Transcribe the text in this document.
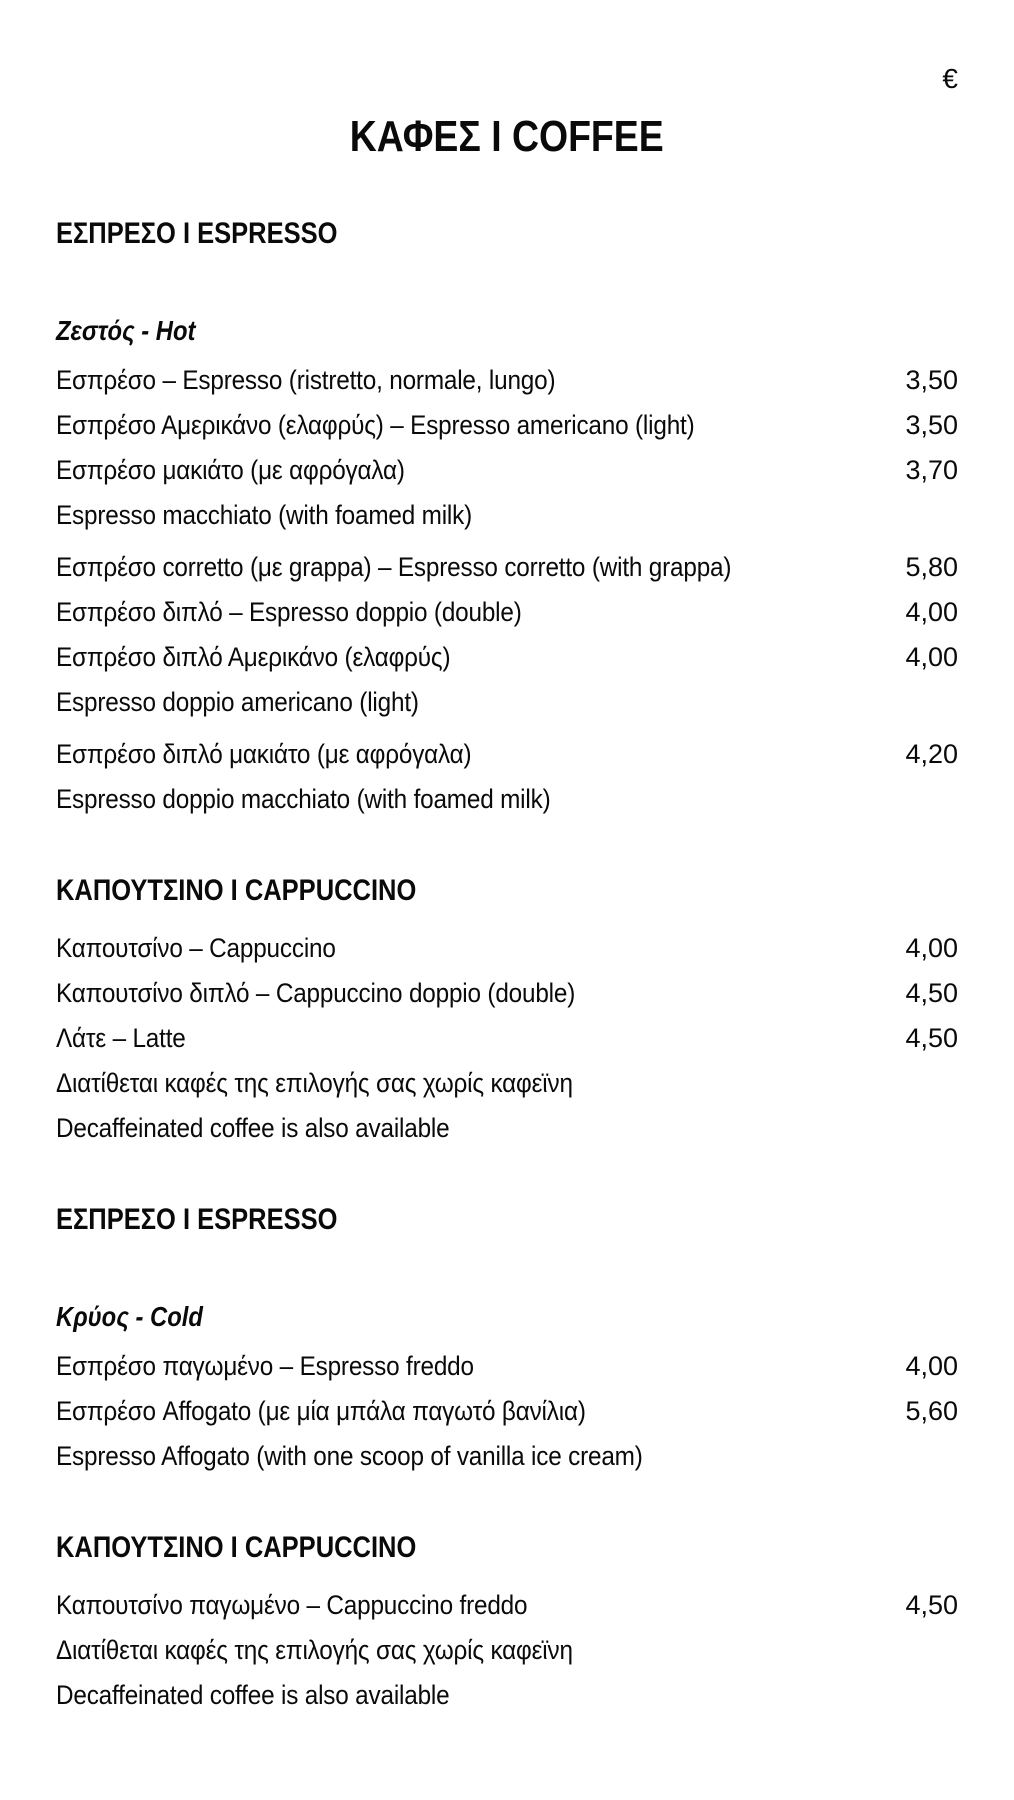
€
ΚΑΦΕΣ Ι COFFEE
ΕΣΠΡΕΣΟ Ι ESPRESSO
Ζεστός - Hot
Εσπρέσο – Espresso (ristretto, normale, lungo)	3,50
Εσπρέσο Αμερικάνο (ελαφρύς) – Espresso americano (light)	3,50
Εσπρέσο μακιάτο (με αφρόγαλα)	3,70
Espresso macchiato (with foamed milk)
Εσπρέσο corretto (με grappa) – Espresso corretto (with grappa)	5,80
Εσπρέσο διπλό – Espresso doppio (double)	4,00
Εσπρέσο διπλό Αμερικάνο (ελαφρύς)	4,00
Espresso doppio americano (light)
Εσπρέσο διπλό μακιάτο (με αφρόγαλα)	4,20
Espresso doppio macchiato (with foamed milk)
ΚΑΠΟΥΤΣΙΝΟ Ι CAPPUCCINO
Καπουτσίνο – Cappuccino	4,00
Καπουτσίνο διπλό – Cappuccino doppio (double)	4,50
Λάτε – Latte	4,50
Διατίθεται καφές της επιλογής σας χωρίς καφεϊνη
Decaffeinated coffee is also available
ΕΣΠΡΕΣΟ Ι ESPRESSO
Κρύος - Cold
Εσπρέσο παγωμένο – Espresso freddo	4,00
Εσπρέσο Affogato (με μία μπάλα παγωτό βανίλια)	5,60
Espresso Affogato (with one scoop of vanilla ice cream)
ΚΑΠΟΥΤΣΙΝΟ Ι CAPPUCCINO
Καπουτσίνο παγωμένο – Cappuccino freddo	4,50
Διατίθεται καφές της επιλογής σας χωρίς καφεϊνη
Decaffeinated coffee is also available
